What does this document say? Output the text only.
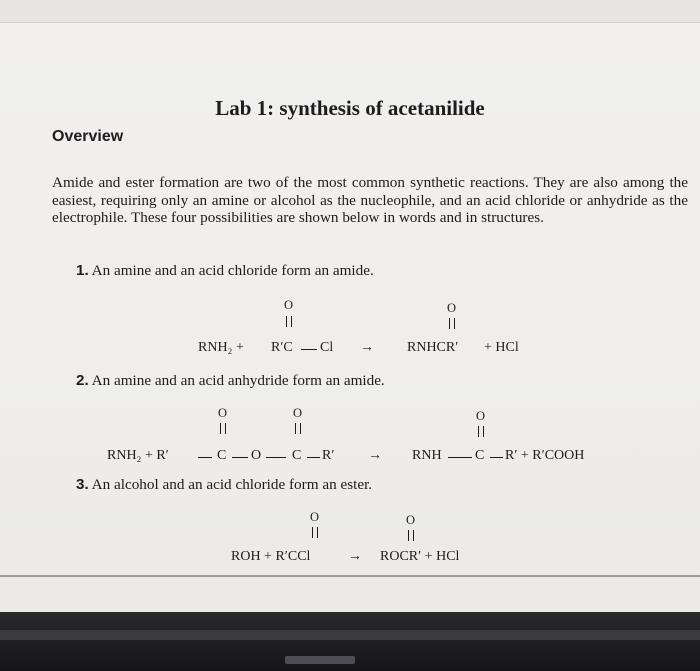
Lab 1: synthesis of acetanilide
Overview

Amide and ester formation are two of the most common synthetic reactions. They are also among the easiest, requiring only an amine or alcohol as the nucleophile, and an acid chloride or anhydride as the electrophile. These four possibilities are shown below in words and in structures.

1. An amine and an acid chloride form an amide.

RNH₂ + R′C
O
Cl → RNHCR′
O
+ HCl

2. An amine and an acid anhydride form an amide.

RNH₂ + R′
O
C O
O
C R′ → RNH
O
C R′ + R′COOH

3. An alcohol and an acid chloride form an ester.

ROH + R′CCl
O
→ ROCR′ + HCl
O
